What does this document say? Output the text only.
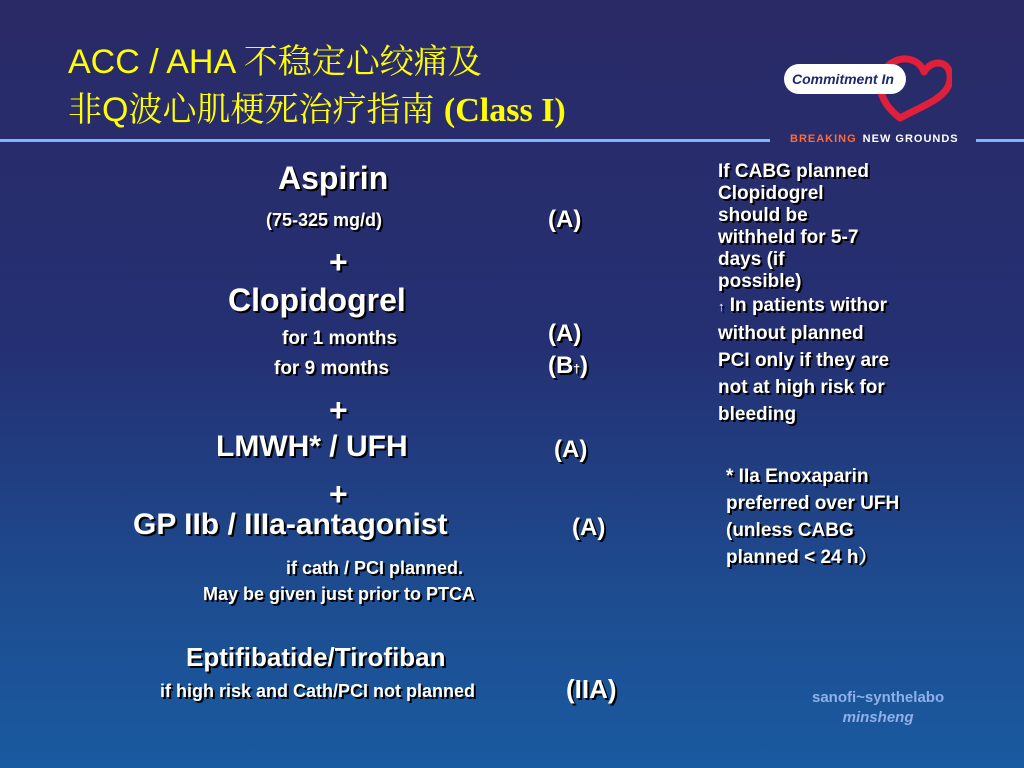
ACC / AHA 不稳定心绞痛及
非Q波心肌梗死治疗指南 (Class I)
Commitment In
BREAKING NEW GROUNDS
Aspirin
(75-325 mg/d)	(A)
+
Clopidogrel
for 1 months	(A)
for 9 months	(B†)
+
LMWH* / UFH	(A)
+
GP IIb / IIIa-antagonist	(A)
if cath / PCI planned.
May be given just prior to PTCA
Eptifibatide/Tirofiban
if high risk and Cath/PCI not planned	(IIA)
If CABG planned
Clopidogrel
should be
withheld for 5-7
days (if
possible)
↑ In patients withor
without planned
PCI only if they are
not at high risk for
bleeding
* IIa Enoxaparin
preferred over UFH
(unless CABG
planned < 24 h）
sanofi~synthelabo
minsheng
